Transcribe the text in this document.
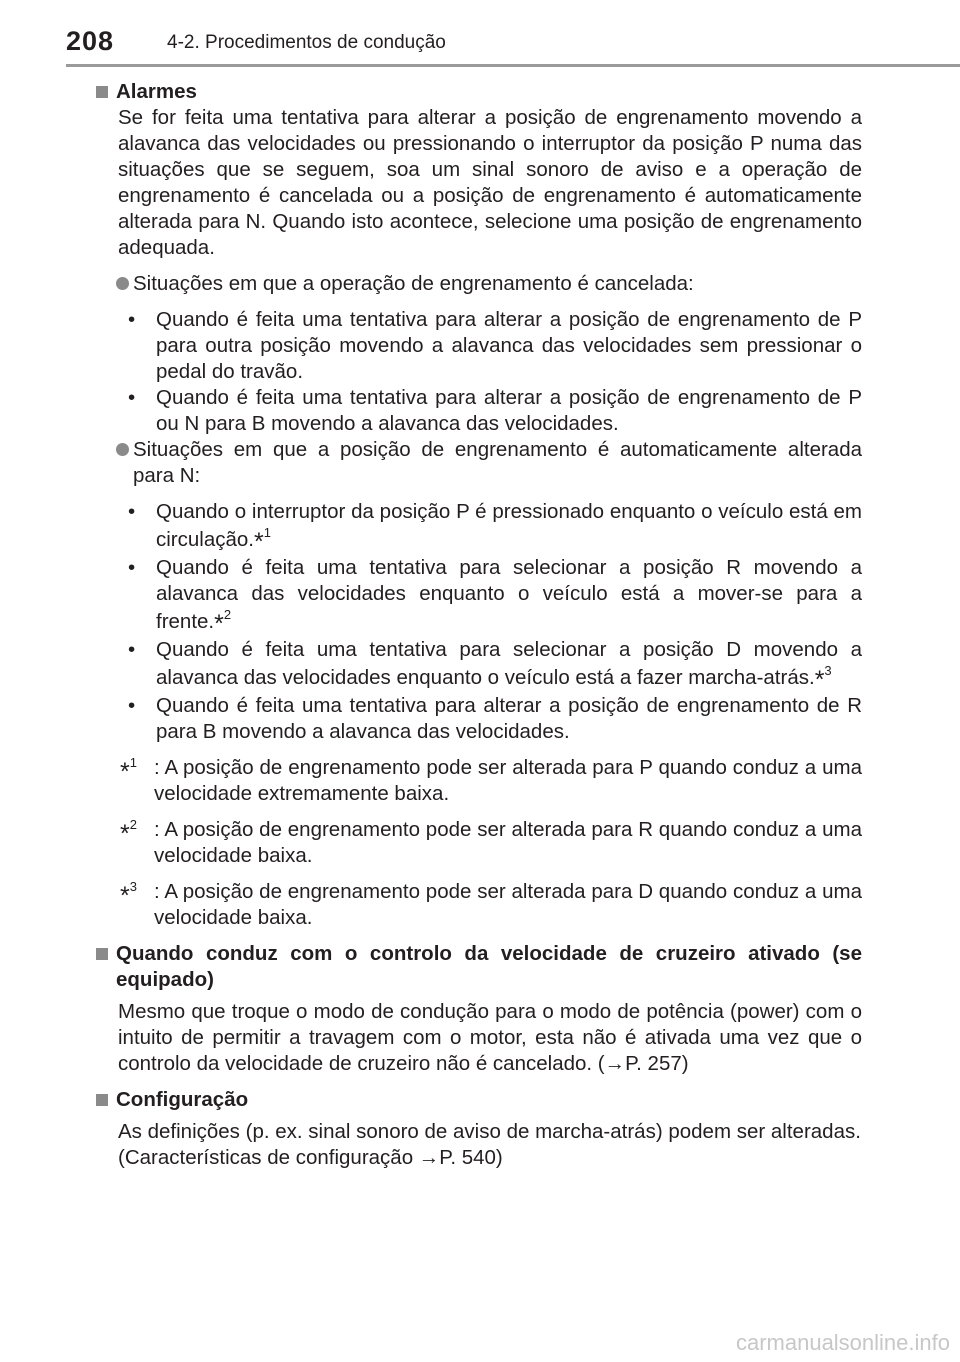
208	4-2. Procedimentos de condução
Alarmes
Se for feita uma tentativa para alterar a posição de engrenamento movendo a alavanca das velocidades ou pressionando o interruptor da posição P numa das situações que se seguem, soa um sinal sonoro de aviso e a operação de engrenamento é cancelada ou a posição de engrenamento é automaticamente alterada para N. Quando isto acontece, selecione uma posição de engrenamento adequada.
Situações em que a operação de engrenamento é cancelada:
•	Quando é feita uma tentativa para alterar a posição de engrenamento de P para outra posição movendo a alavanca das velocidades sem pressionar o pedal do travão.
•	Quando é feita uma tentativa para alterar a posição de engrenamento de P ou N para B movendo a alavanca das velocidades.
Situações em que a posição de engrenamento é automaticamente alterada para N:
•	Quando o interruptor da posição P é pressionado enquanto o veículo está em circulação.*$^1$
•	Quando é feita uma tentativa para selecionar a posição R movendo a alavanca das velocidades enquanto o veículo está a mover-se para a frente.*$^2$
•	Quando é feita uma tentativa para selecionar a posição D movendo a alavanca das velocidades enquanto o veículo está a fazer marcha-atrás.*$^3$
•	Quando é feita uma tentativa para alterar a posição de engrenamento de R para B movendo a alavanca das velocidades.
*$^1$ : A posição de engrenamento pode ser alterada para P quando conduz a uma velocidade extremamente baixa.
*$^2$ : A posição de engrenamento pode ser alterada para R quando conduz a uma velocidade baixa.
*$^3$ : A posição de engrenamento pode ser alterada para D quando conduz a uma velocidade baixa.
Quando conduz com o controlo da velocidade de cruzeiro ativado (se equipado)
Mesmo que troque o modo de condução para o modo de potência (power) com o intuito de permitir a travagem com o motor, esta não é ativada uma vez que o controlo da velocidade de cruzeiro não é cancelado. (→P. 257)
Configuração
As definições (p. ex. sinal sonoro de aviso de marcha-atrás) podem ser alteradas.
(Características de configuração →P. 540)
carmanualsonline.info
